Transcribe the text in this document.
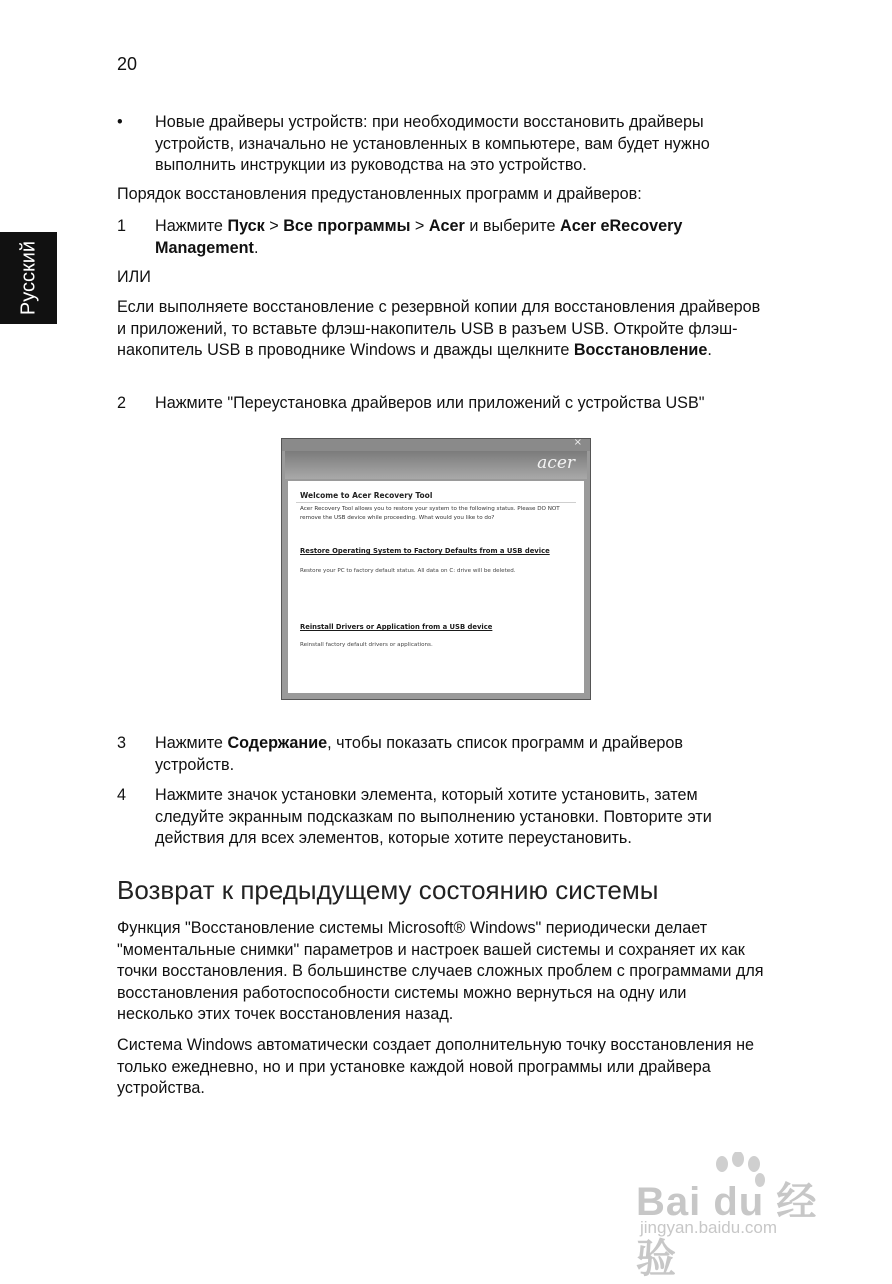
20
Русский
• Новые драйверы устройств: при необходимости восстановить драйверы устройств, изначально не установленных в компьютере, вам будет нужно выполнить инструкции из руководства на это устройство.
Порядок восстановления предустановленных программ и драйверов:
1 Нажмите Пуск > Все программы > Acer и выберите Acer eRecovery Management.
ИЛИ
Если выполняете восстановление с резервной копии для восстановления драйверов и приложений, то вставьте флэш-накопитель USB в разъем USB. Откройте флэш-накопитель USB в проводнике Windows и дважды щелкните Восстановление.
2 Нажмите "Переустановка драйверов или приложений с устройства USB"
×
acer
Welcome to Acer Recovery Tool
Acer Recovery Tool allows you to restore your system to the following status. Please DO NOT remove the USB device while proceeding. What would you like to do?
Restore Operating System to Factory Defaults from a USB device
Restore your PC to factory default status. All data on C: drive will be deleted.
Reinstall Drivers or Application from a USB device
Reinstall factory default drivers or applications.
3 Нажмите Содержание, чтобы показать список программ и драйверов устройств.
4 Нажмите значок установки элемента, который хотите установить, затем следуйте экранным подсказкам по выполнению установки. Повторите эти действия для всех элементов, которые хотите переустановить.
Возврат к предыдущему состоянию системы
Функция "Восстановление системы Microsoft® Windows" периодически делает "моментальные снимки" параметров и настроек вашей системы и сохраняет их как точки восстановления. В большинстве случаев сложных проблем с программами для восстановления работоспособности системы можно вернуться на одну или несколько этих точек восстановления назад.
Система Windows автоматически создает дополнительную точку восстановления не только ежедневно, но и при установке каждой новой программы или драйвера устройства.
Bai du 经验
jingyan.baidu.com
